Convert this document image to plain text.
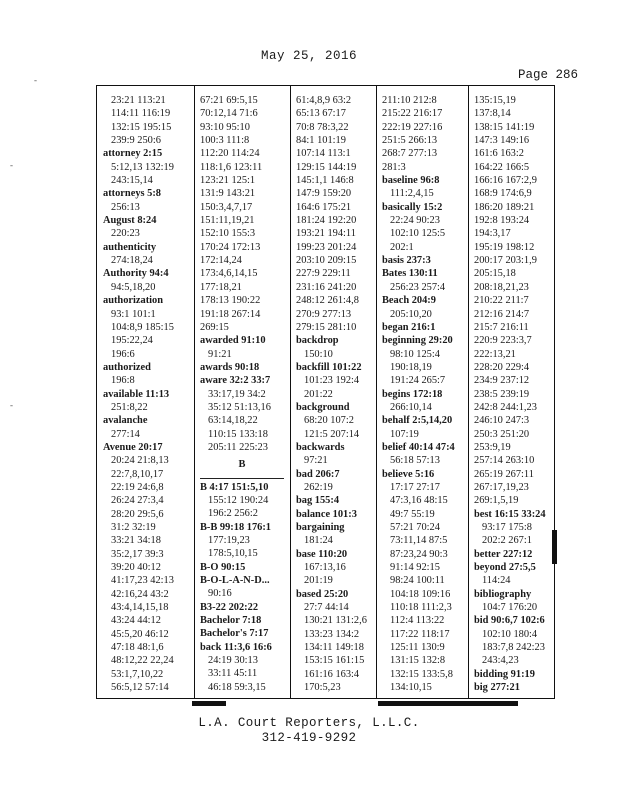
May 25, 2016
Page 286
-
-
-
23:21 113:21
114:11 116:19
132:15 195:15
239:9 250:6
attorney 2:15
5:12,13 132:19
243:15,14
attorneys 5:8
256:13
August 8:24
220:23
authenticity
274:18,24
Authority 94:4
94:5,18,20
authorization
93:1 101:1
104:8,9 185:15
195:22,24
196:6
authorized
196:8
available 11:13
251:8,22
avalanche
277:14
Avenue 20:17
20:24 21:8,13
22:7,8,10,17
22:19 24:6,8
26:24 27:3,4
28:20 29:5,6
31:2 32:19
33:21 34:18
35:2,17 39:3
39:20 40:12
41:17,23 42:13
42:16,24 43:2
43:4,14,15,18
43:24 44:12
45:5,20 46:12
47:18 48:1,6
48:12,22 22,24
53:1,7,10,22
56:5,12 57:14
67:21 69:5,15
70:12,14 71:6
93:10 95:10
100:3 111:8
112:20 114:24
118:1,6 123:11
123:21 125:1
131:9 143:21
150:3,4,7,17
151:11,19,21
152:10 155:3
170:24 172:13
172:14,24
173:4,6,14,15
177:18,21
178:13 190:22
191:18 267:14
269:15
awarded 91:10
91:21
awards 90:18
aware 32:2 33:7
33:17,19 34:2
35:12 51:13,16
63:14,18,22
110:15 133:18
205:11 225:23
B
B 4:17 151:5,10
155:12 190:24
196:2 256:2
B-B 99:18 176:1
177:19,23
178:5,10,15
B-O 90:15
B-O-L-A-N-D...
90:16
B3-22 202:22
Bachelor 7:18
Bachelor's 7:17
back 11:3,6 16:6
24:19 30:13
33:11 45:11
46:18 59:3,15
61:4,8,9 63:2
65:13 67:17
70:8 78:3,22
84:1 101:19
107:14 113:1
129:15 144:19
145:1,1 146:8
147:9 159:20
164:6 175:21
181:24 192:20
193:21 194:11
199:23 201:24
203:10 209:15
227:9 229:11
231:16 241:20
248:12 261:4,8
270:9 277:13
279:15 281:10
backdrop
150:10
backfill 101:22
101:23 192:4
201:22
background
68:20 107:2
121:5 207:14
backwards
97:21
bad 206:7
262:19
bag 155:4
balance 101:3
bargaining
181:24
base 110:20
167:13,16
201:19
based 25:20
27:7 44:14
130:21 131:2,6
133:23 134:2
134:11 149:18
153:15 161:15
161:16 163:4
170:5,23
211:10 212:8
215:22 216:17
222:19 227:16
251:5 266:13
268:7 277:13
281:3
baseline 96:8
111:2,4,15
basically 15:2
22:24 90:23
102:10 125:5
202:1
basis 237:3
Bates 130:11
256:23 257:4
Beach 204:9
205:10,20
began 216:1
beginning 29:20
98:10 125:4
190:18,19
191:24 265:7
begins 172:18
266:10,14
behalf 2:5,14,20
107:19
belief 40:14 47:4
56:18 57:13
believe 5:16
17:17 27:17
47:3,16 48:15
49:7 55:19
57:21 70:24
73:11,14 87:5
87:23,24 90:3
91:14 92:15
98:24 100:11
104:18 109:16
110:18 111:2,3
112:4 113:22
117:22 118:17
125:11 130:9
131:15 132:8
132:15 133:5,8
134:10,15
135:15,19
137:8,14
138:15 141:19
147:3 149:16
161:6 163:2
164:22 166:5
166:16 167:2,9
168:9 174:6,9
186:20 189:21
192:8 193:24
194:3,17
195:19 198:12
200:17 203:1,9
205:15,18
208:18,21,23
210:22 211:7
212:16 214:7
215:7 216:11
220:9 223:3,7
222:13,21
228:20 229:4
234:9 237:12
238:5 239:19
242:8 244:1,23
246:10 247:3
250:3 251:20
253:9,19
257:14 263:10
265:19 267:11
267:17,19,23
269:1,5,19
best 16:15 33:24
93:17 175:8
202:2 267:1
better 227:12
beyond 27:5,5
114:24
bibliography
104:7 176:20
bid 90:6,7 102:6
102:10 180:4
183:7,8 242:23
243:4,23
bidding 91:19
big 277:21
L.A. Court Reporters, L.L.C.
312-419-9292
